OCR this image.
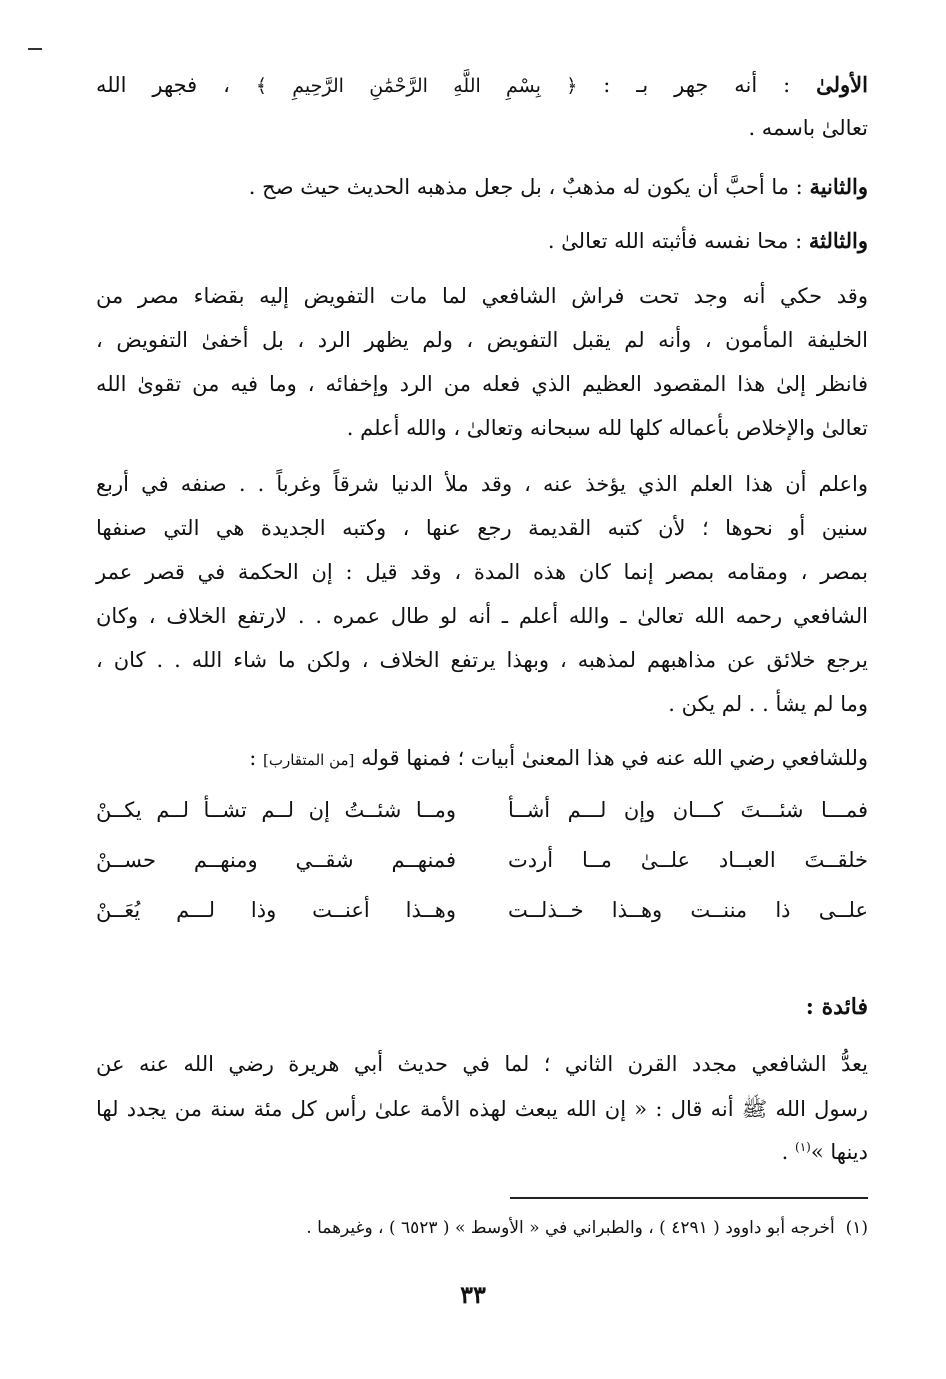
الأولىٰ : أنه جهر بـ : ﴿ بِسْمِ اللَّهِ الرَّحْمَٰنِ الرَّحِيمِ ﴾ ، فجهر الله
تعالىٰ باسمه .
والثانية : ما أحبَّ أن يكون له مذهبٌ ، بل جعل مذهبه الحديث حيث صح .
والثالثة : محا نفسه فأثبته الله تعالىٰ .
وقد حكي أنه وجد تحت فراش الشافعي لما مات التفويض إليه بقضاء مصر من
الخليفة المأمون ، وأنه لم يقبل التفويض ، ولم يظهر الرد ، بل أخفىٰ التفويض ،
فانظر إلىٰ هذا المقصود العظيم الذي فعله من الرد وإخفائه ، وما فيه من تقوىٰ الله
تعالىٰ والإخلاص بأعماله كلها لله سبحانه وتعالىٰ ، والله أعلم .
واعلم أن هذا العلم الذي يؤخذ عنه ، وقد ملأ الدنيا شرقاً وغرباً . . صنفه في أربع
سنين أو نحوها ؛ لأن كتبه القديمة رجع عنها ، وكتبه الجديدة هي التي صنفها
بمصر ، ومقامه بمصر إنما كان هذه المدة ، وقد قيل : إن الحكمة في قصر عمر
الشافعي رحمه الله تعالىٰ ـ والله أعلم ـ أنه لو طال عمره . . لارتفع الخلاف ، وكان
يرجع خلائق عن مذاهبهم لمذهبه ، وبهذا يرتفع الخلاف ، ولكن ما شاء الله . . كان ،
وما لم يشأ . . لم يكن .
وللشافعي رضي الله عنه في هذا المعنىٰ أبيات ؛ فمنها قوله [من المتقارب] :
فمـــا شئـــتَ كـــان وإن لـــم أشــأ
ومــا شئــتُ إن لــم تشــأ لــم يكــنْ
خلقــتَ العبــاد علــىٰ مــا أردت
فمنهــم شقــي ومنهــم حســنْ
علــى ذا مننــت وهــذا خــذلــت
وهــذا أعنــت وذا لـــم يُعَــنْ
فائدة :
يعدُّ الشافعي مجدد القرن الثاني ؛ لما في حديث أبي هريرة رضي الله عنه عن
رسول الله ﷺ أنه قال : « إن الله يبعث لهذه الأمة علىٰ رأس كل مئة سنة من يجدد لها
دينها »$^{(١)}$ .
(١)  أخرجه أبو داوود ( ٤٢٩١ ) ، والطبراني في « الأوسط » ( ٦٥٢٣ ) ، وغيرهما .
٣٣
